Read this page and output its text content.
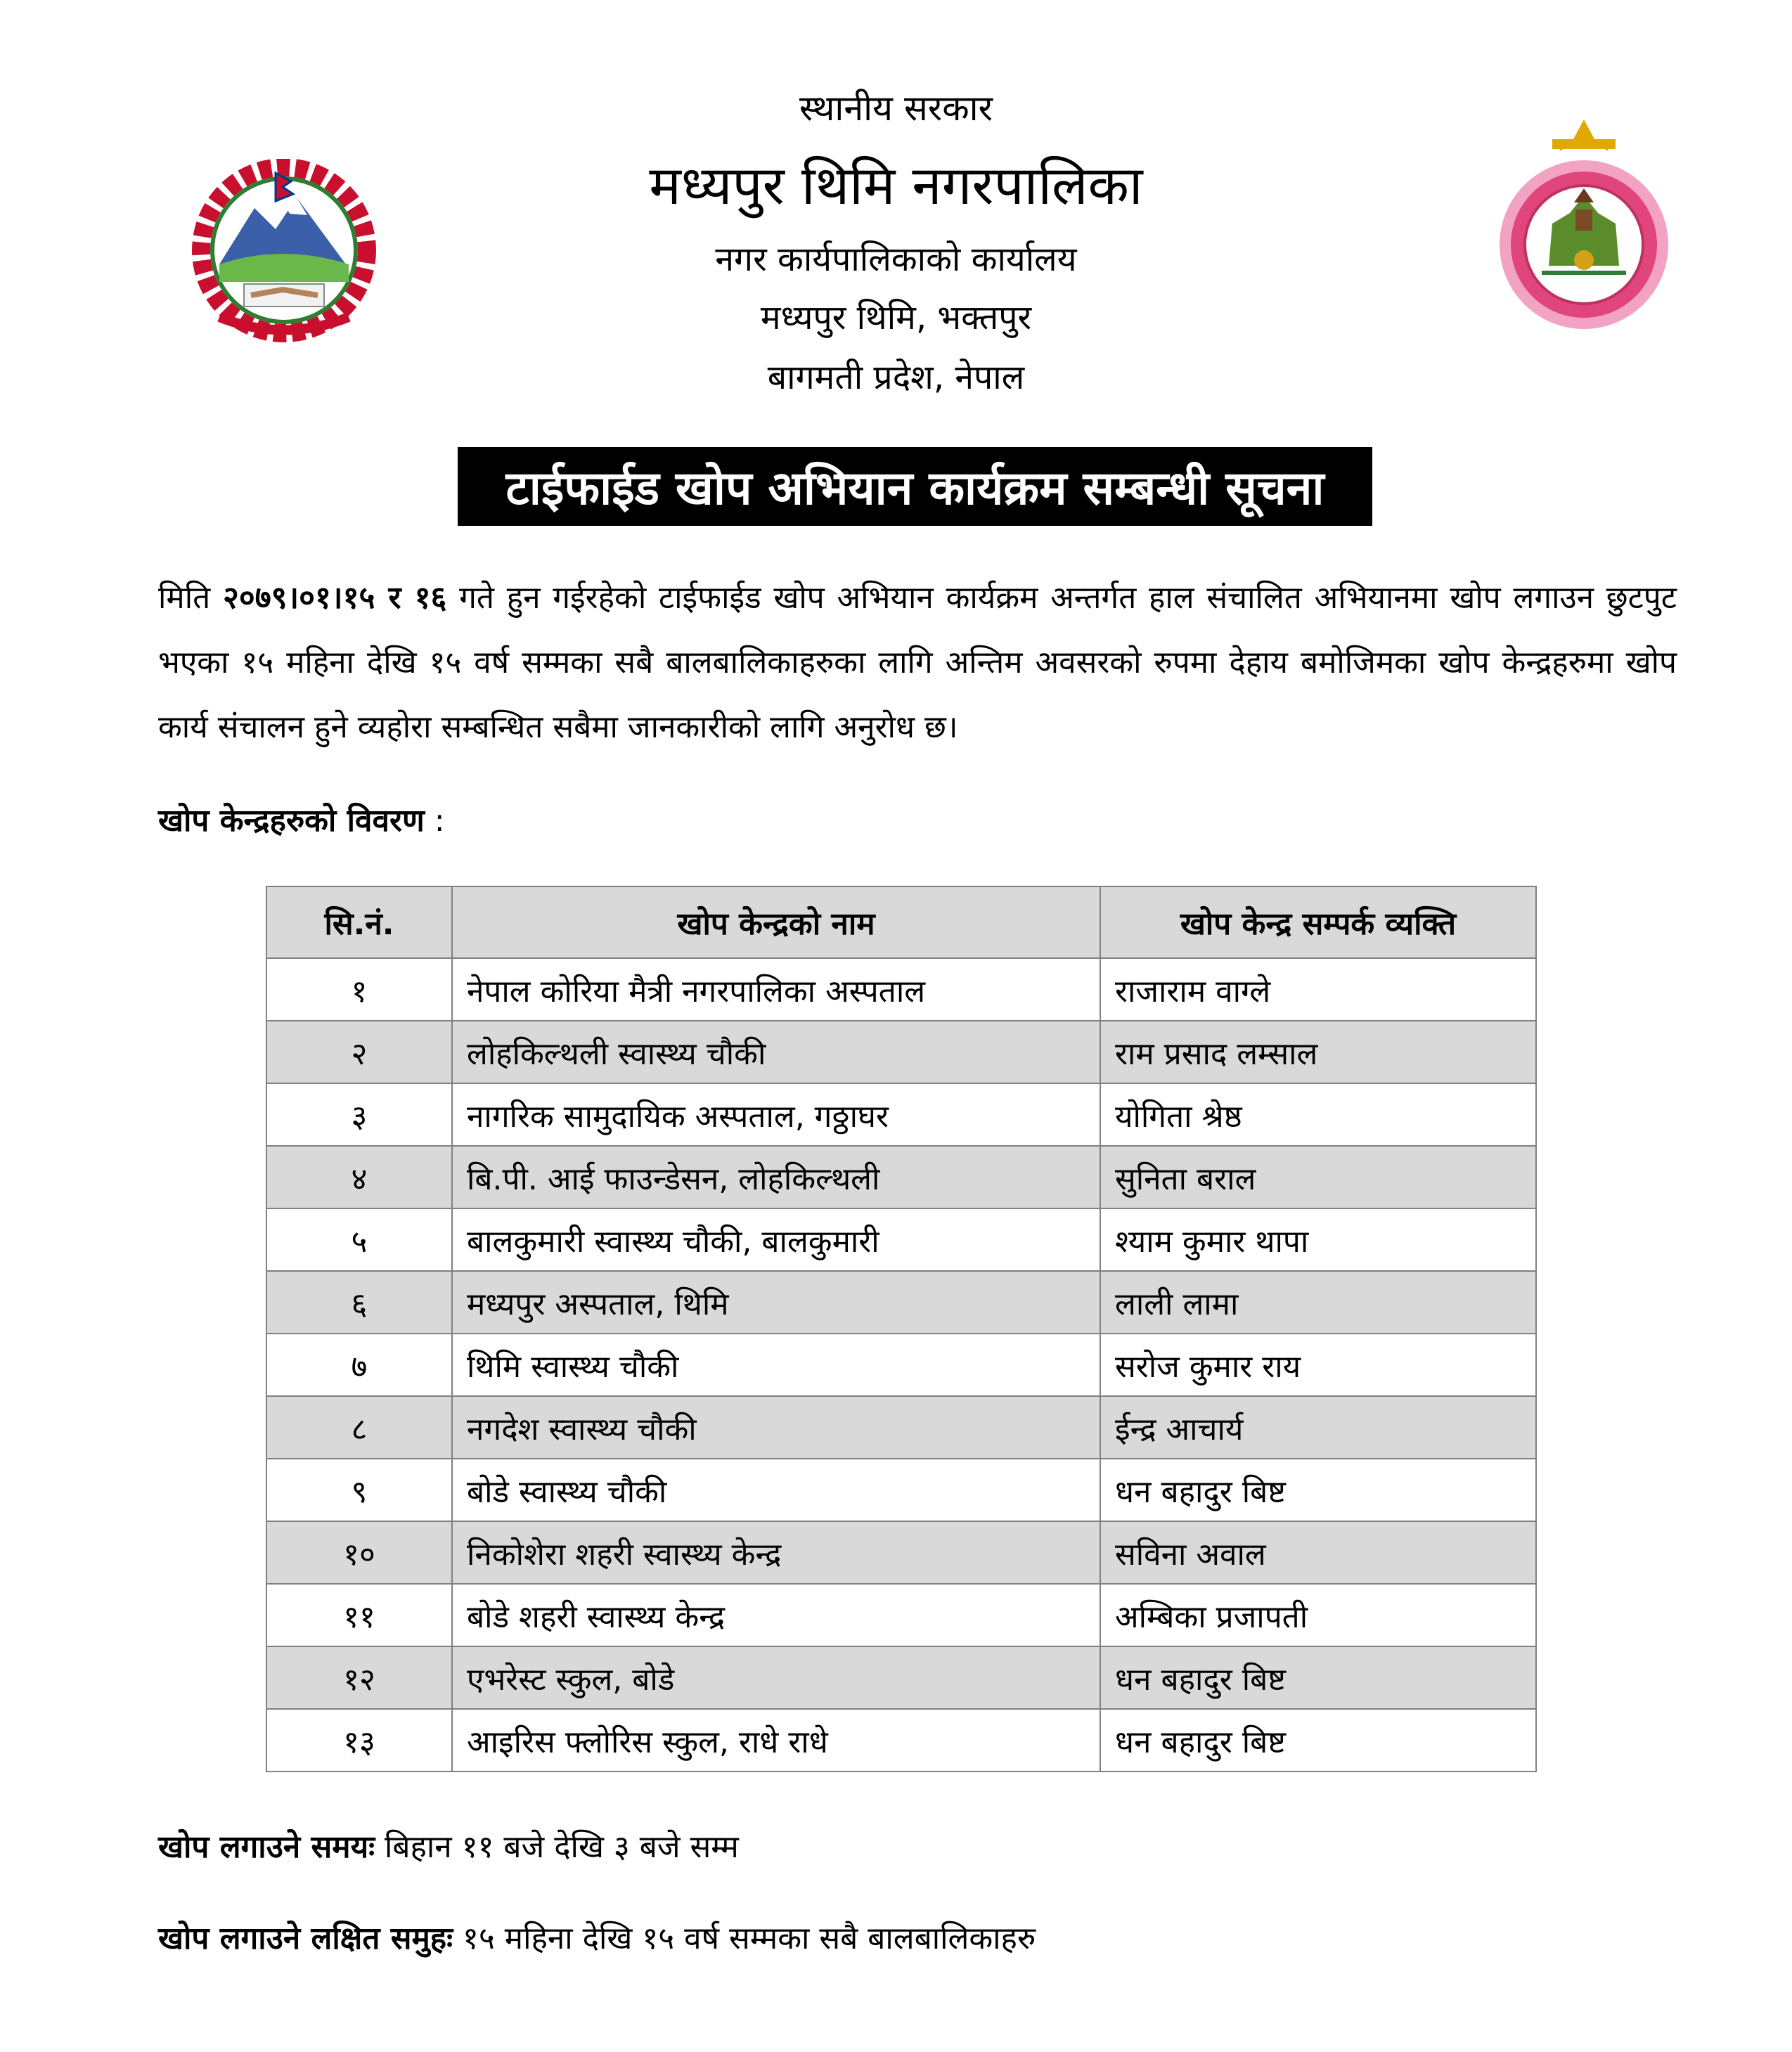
स्थानीय सरकार
मध्यपुर थिमि नगरपालिका
नगर कार्यपालिकाको कार्यालय
मध्यपुर थिमि, भक्तपुर
बागमती प्रदेश, नेपाल
टाईफाईड खोप अभियान कार्यक्रम सम्बन्धी सूचना
मिति २०७९।०१।१५ र १६ गते हुन गईरहेको टाईफाईड खोप अभियान कार्यक्रम अन्तर्गत हाल संचालित अभियानमा खोप लगाउन छुटपुट भएका १५ महिना देखि १५ वर्ष सम्मका सबै बालबालिकाहरुका लागि अन्तिम अवसरको रुपमा देहाय बमोजिमका खोप केन्द्रहरुमा खोप कार्य संचालन हुने व्यहोरा सम्बन्धित सबैमा जानकारीको लागि अनुरोध छ।
खोप केन्द्रहरुको विवरण :
सि.नं.	खोप केन्द्रको नाम	खोप केन्द्र सम्पर्क व्यक्ति
१	नेपाल कोरिया मैत्री नगरपालिका अस्पताल	राजाराम वाग्ले
२	लोहकिल्थली स्वास्थ्य चौकी	राम प्रसाद लम्साल
३	नागरिक सामुदायिक अस्पताल, गठ्ठाघर	योगिता श्रेष्ठ
४	बि.पी. आई फाउन्डेसन, लोहकिल्थली	सुनिता बराल
५	बालकुमारी स्वास्थ्य चौकी, बालकुमारी	श्याम कुमार थापा
६	मध्यपुर अस्पताल, थिमि	लाली लामा
७	थिमि स्वास्थ्य चौकी	सरोज कुमार राय
८	नगदेश स्वास्थ्य चौकी	ईन्द्र आचार्य
९	बोडे स्वास्थ्य चौकी	धन बहादुर बिष्ट
१०	निकोशेरा शहरी स्वास्थ्य केन्द्र	सविना अवाल
११	बोडे शहरी स्वास्थ्य केन्द्र	अम्बिका प्रजापती
१२	एभरेस्ट स्कुल, बोडे	धन बहादुर बिष्ट
१३	आइरिस फ्लोरिस स्कुल, राधे राधे	धन बहादुर बिष्ट
खोप लगाउने समयः बिहान ११ बजे देखि ३ बजे सम्म
खोप लगाउने लक्षित समुहः १५ महिना देखि १५ वर्ष सम्मका सबै बालबालिकाहरु
